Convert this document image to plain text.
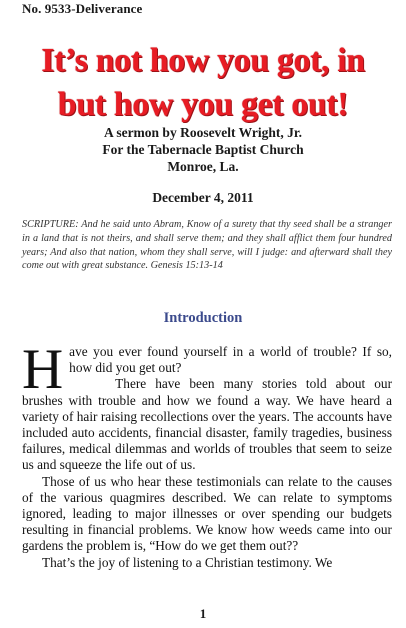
No. 9533-Deliverance
It’s not how you got, in
but how you get out!
A sermon by Roosevelt Wright, Jr.
For the Tabernacle Baptist Church
Monroe, La.
December 4, 2011
SCRIPTURE: And he said unto Abram, Know of a surety that thy seed shall be a stranger in a land that is not theirs, and shall serve them; and they shall afflict them four hundred years; And also that nation, whom they shall serve, will I judge: and afterward shall they come out with great substance. Genesis 15:13-14
Introduction
H ave you ever found yourself in a world of trouble? If so, how did you get out?

There have been many stories told about our brushes with trouble and how we found a way. We have heard a variety of hair raising recollections over the years. The accounts have included auto accidents, financial disaster, family tragedies, business failures, medical dilemmas and worlds of troubles that seem to seize us and squeeze the life out of us.

Those of us who hear these testimonials can relate to the causes of the various quagmires described. We can relate to symptoms ignored, leading to major illnesses or over spending our budgets resulting in financial problems. We know how weeds came into our gardens the problem is, “How do we get them out??

That’s the joy of listening to a Christian testimony. We

1
